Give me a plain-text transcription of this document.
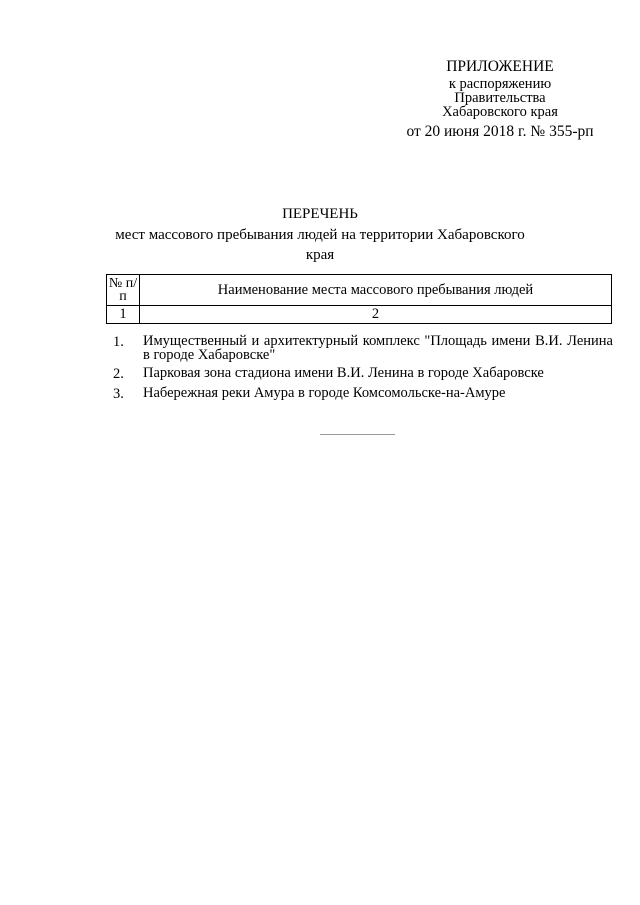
ПРИЛОЖЕНИЕ
к распоряжению
Правительства
Хабаровского края
от 20 июня 2018 г. № 355-рп
ПЕРЕЧЕНЬ
мест массового пребывания людей на территории Хабаровского края
№ п/п	Наименование места массового пребывания людей
1	2
1.	Имущественный и архитектурный комплекс "Площадь имени В.И. Ленина в городе Хабаровске"
2.	Парковая зона стадиона имени В.И. Ленина в городе Хабаровске
3.	Набережная реки Амура в городе Комсомольске-на-Амуре
